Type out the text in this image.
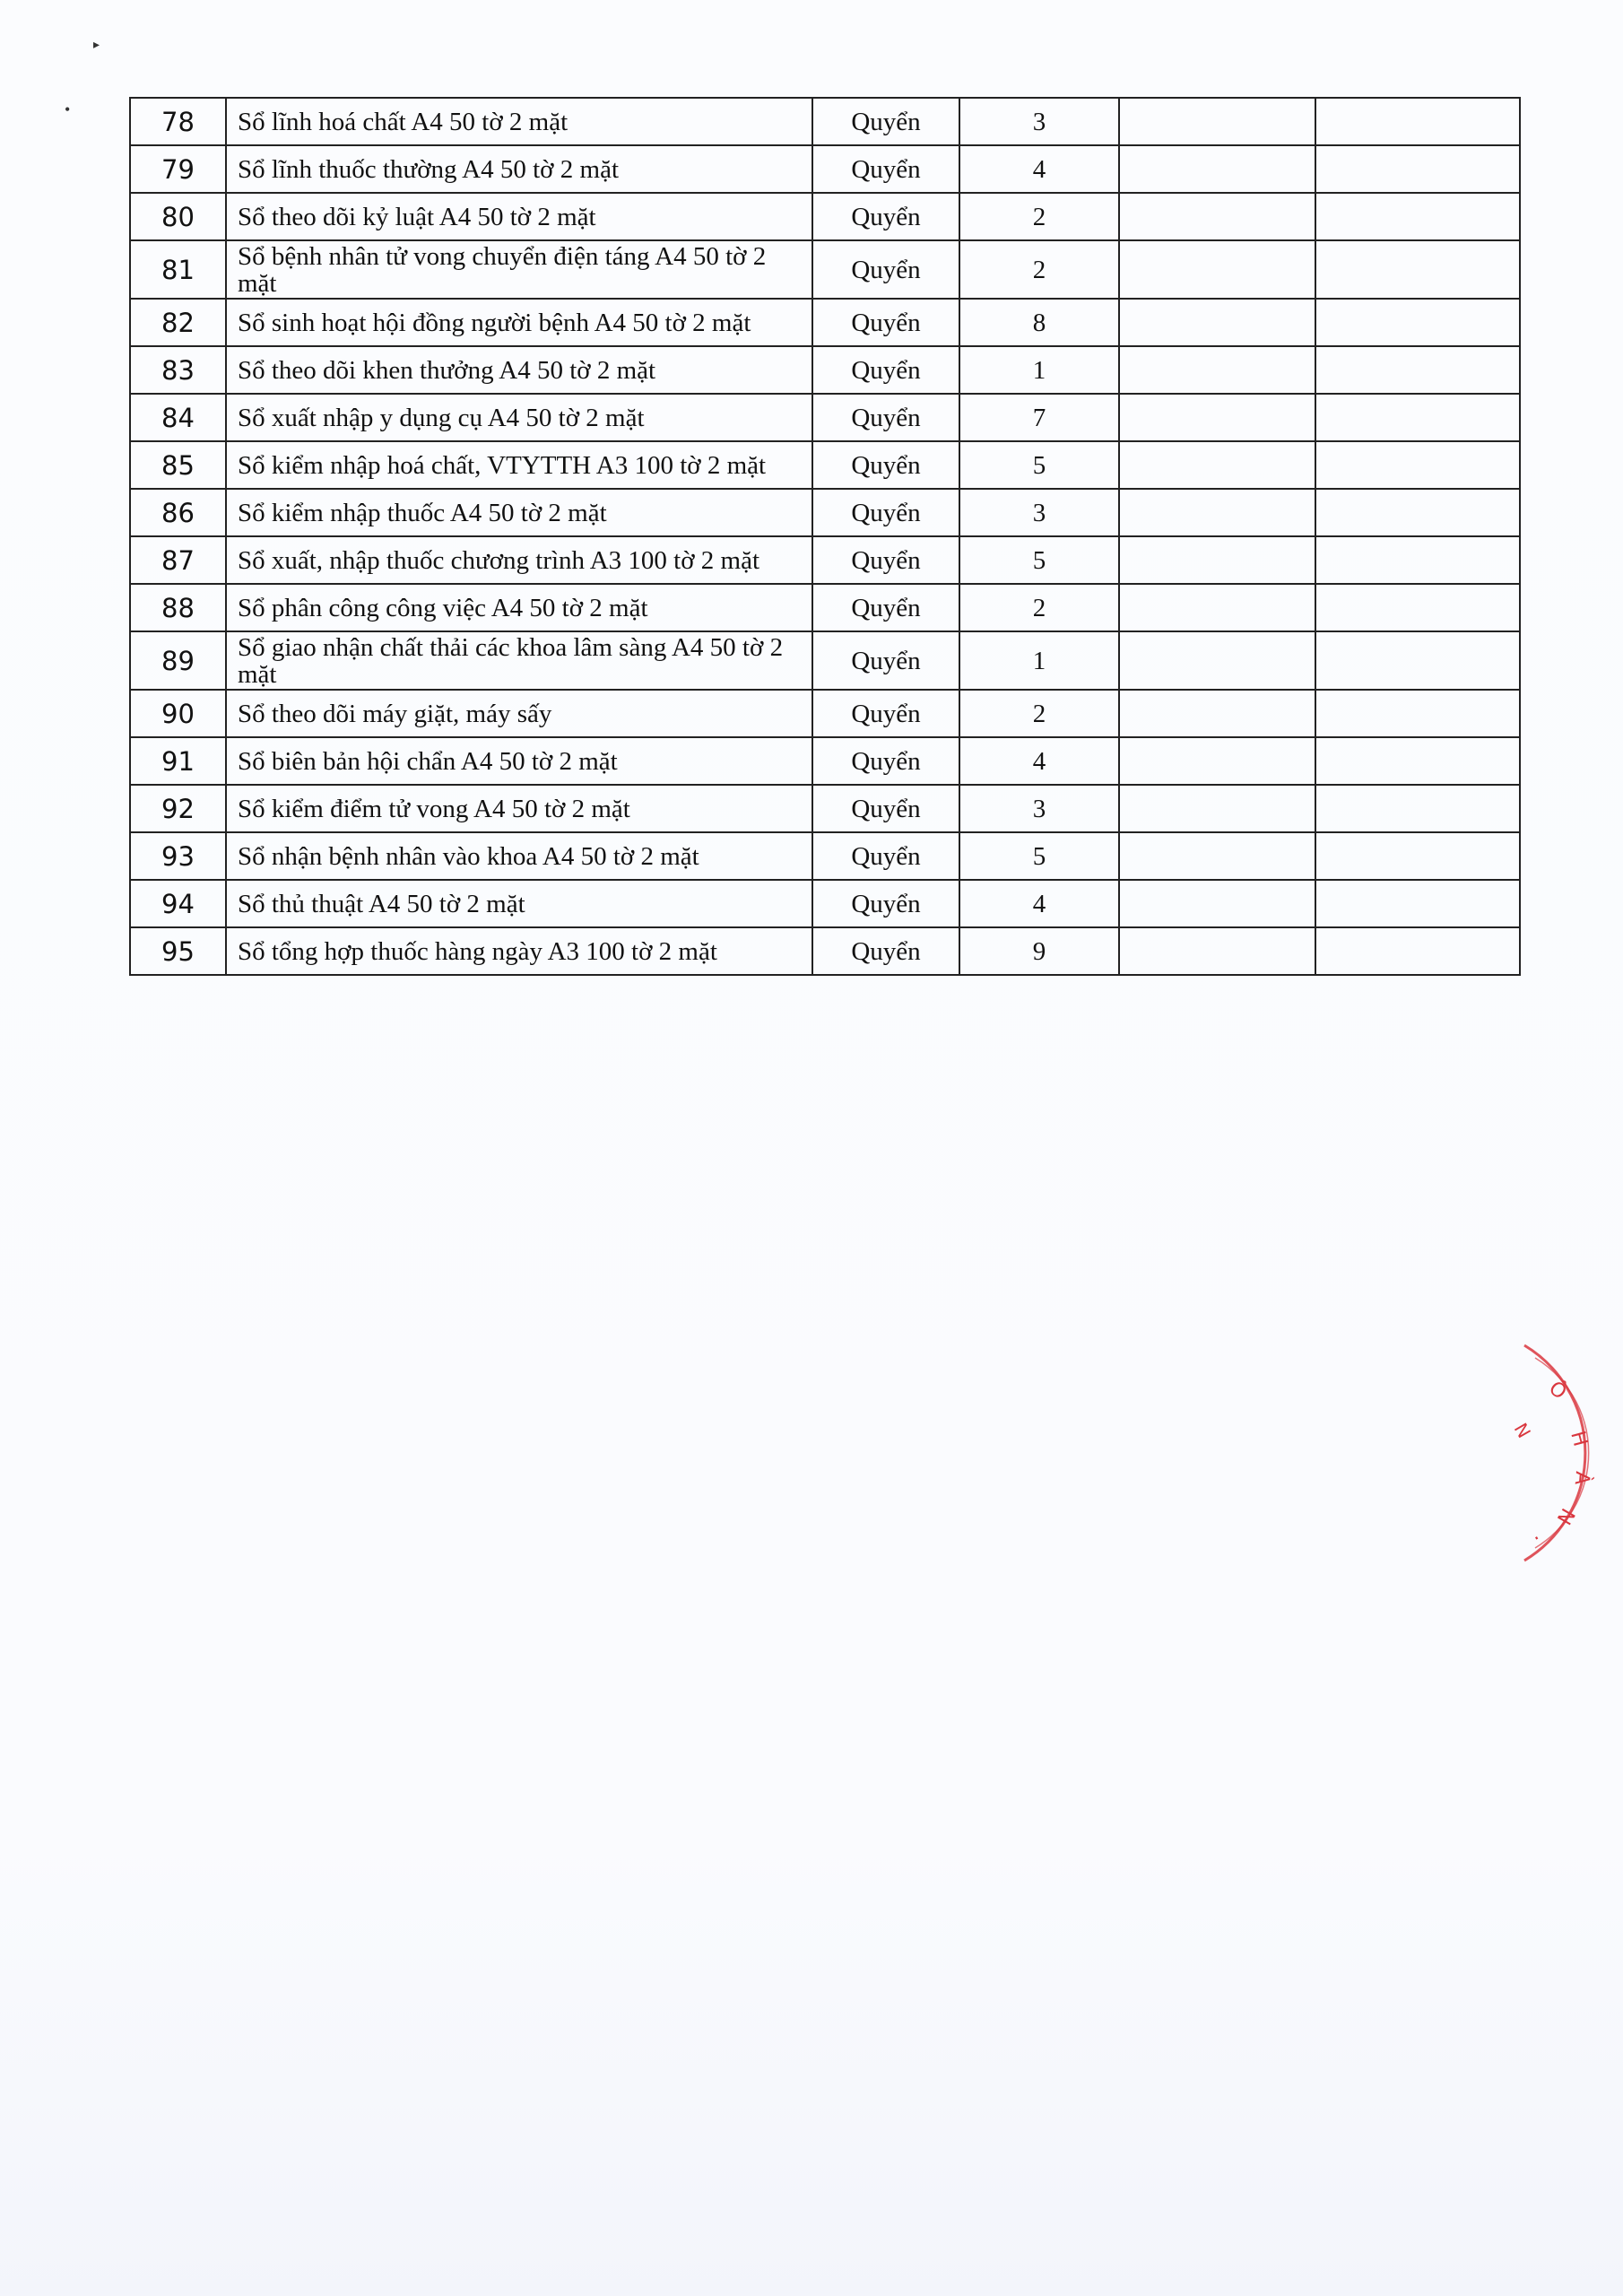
▸
•	78	Sổ lĩnh hoá chất A4 50 tờ 2 mặt	Quyển	3		
79	Sổ lĩnh thuốc thường A4 50 tờ 2 mặt	Quyển	4		
80	Sổ theo dõi kỷ luật A4 50 tờ 2 mặt	Quyển	2		
81	Sổ bệnh nhân tử vong chuyển điện táng A4 50 tờ 2 mặt	Quyển	2		
82	Sổ sinh hoạt hội đồng người bệnh A4 50 tờ 2 mặt	Quyển	8		
83	Sổ theo dõi khen thưởng A4 50 tờ 2 mặt	Quyển	1		
84	Sổ xuất nhập y dụng cụ A4 50 tờ 2 mặt	Quyển	7		
85	Sổ kiểm nhập hoá chất, VTYTTH A3 100 tờ 2 mặt	Quyển	5		
86	Sổ kiểm nhập thuốc A4 50 tờ 2 mặt	Quyển	3		
87	Sổ xuất, nhập thuốc chương trình A3 100 tờ 2 mặt	Quyển	5		
88	Sổ phân công công việc A4 50 tờ 2 mặt	Quyển	2		
89	Sổ giao nhận chất thải các khoa lâm sàng A4 50 tờ 2 mặt	Quyển	1		
90	Sổ theo dõi máy giặt, máy sấy	Quyển	2		
91	Sổ biên bản hội chẩn A4 50 tờ 2 mặt	Quyển	4		
92	Sổ kiểm điểm tử vong A4 50 tờ 2 mặt	Quyển	3		
93	Sổ nhận bệnh nhân vào khoa A4 50 tờ 2 mặt	Quyển	5		
94	Sổ thủ thuật A4 50 tờ 2 mặt	Quyển	4		
95	Sổ tổng hợp thuốc hàng ngày A3 100 tờ 2 mặt	Quyển	9		
Ô
H
À
N
.
N
